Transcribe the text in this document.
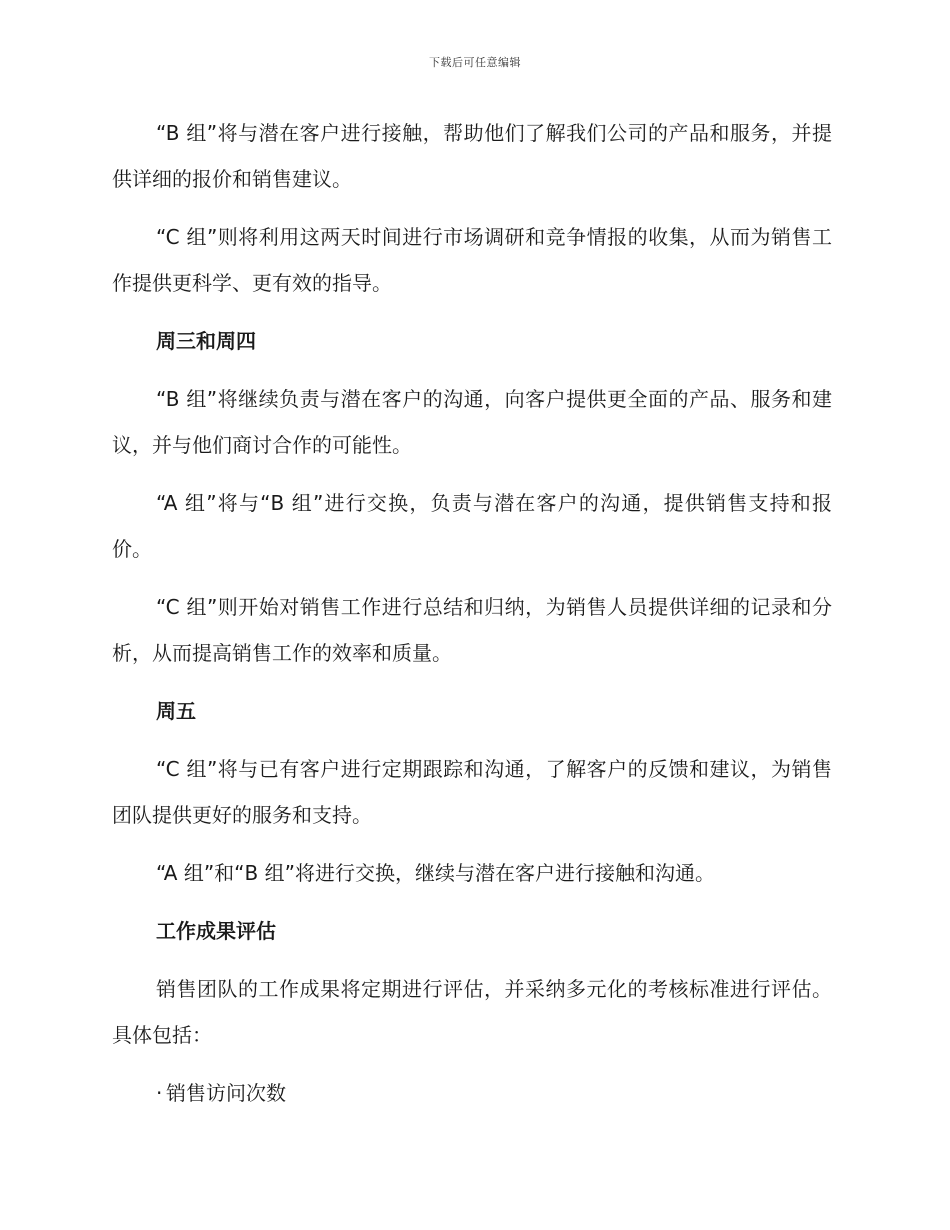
下载后可任意编辑

“B 组”将与潜在客户进行接触，帮助他们了解我们公司的产品和服务，并提供详细的报价和销售建议。

“C 组”则将利用这两天时间进行市场调研和竞争情报的收集，从而为销售工作提供更科学、更有效的指导。

周三和周四

“B 组”将继续负责与潜在客户的沟通，向客户提供更全面的产品、服务和建议，并与他们商讨合作的可能性。

“A 组”将与“B 组”进行交换，负责与潜在客户的沟通，提供销售支持和报价。

“C 组”则开始对销售工作进行总结和归纳，为销售人员提供详细的记录和分析，从而提高销售工作的效率和质量。

周五

“C 组”将与已有客户进行定期跟踪和沟通，了解客户的反馈和建议，为销售团队提供更好的服务和支持。

“A 组”和“B 组”将进行交换，继续与潜在客户进行接触和沟通。

工作成果评估

销售团队的工作成果将定期进行评估，并采纳多元化的考核标准进行评估。具体包括：

· 销售访问次数
